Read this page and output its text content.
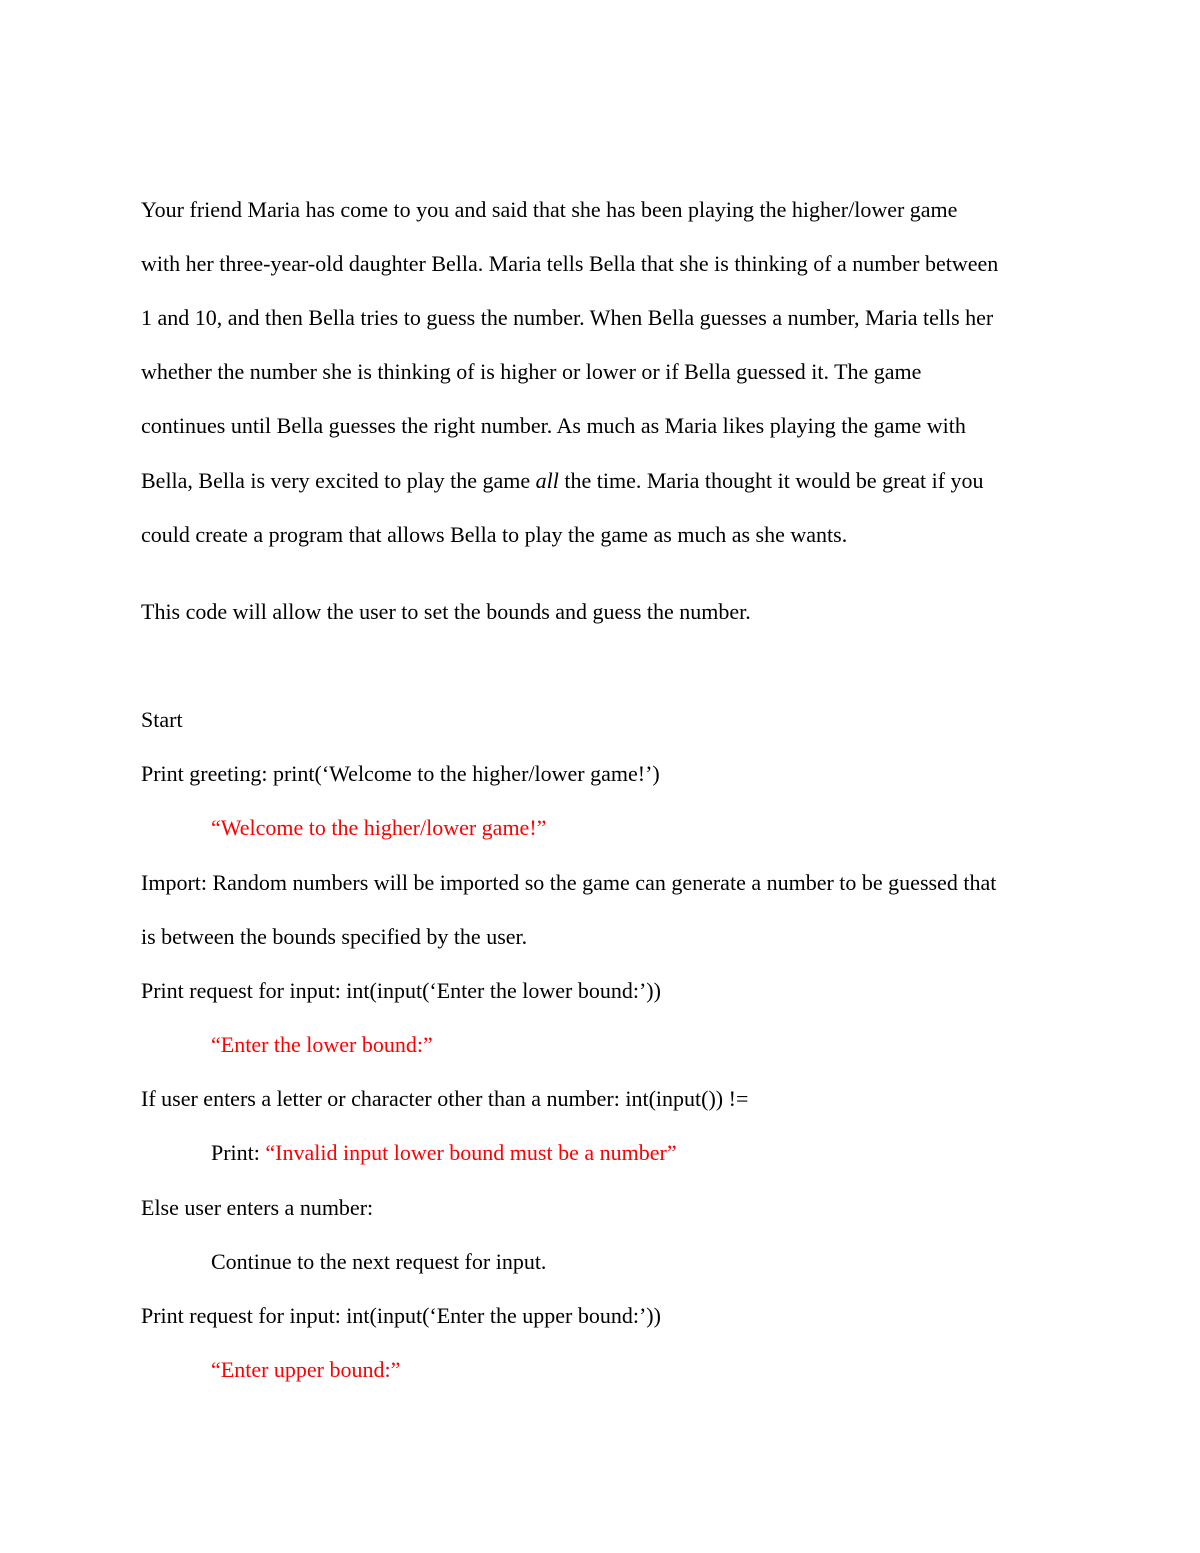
Your friend Maria has come to you and said that she has been playing the higher/lower game

with her three-year-old daughter Bella. Maria tells Bella that she is thinking of a number between

1 and 10, and then Bella tries to guess the number. When Bella guesses a number, Maria tells her

whether the number she is thinking of is higher or lower or if Bella guessed it. The game

continues until Bella guesses the right number. As much as Maria likes playing the game with

Bella, Bella is very excited to play the game all the time. Maria thought it would be great if you

could create a program that allows Bella to play the game as much as she wants.

This code will allow the user to set the bounds and guess the number.

Start

Print greeting: print(‘Welcome to the higher/lower game!’)

“Welcome to the higher/lower game!”

Import: Random numbers will be imported so the game can generate a number to be guessed that

is between the bounds specified by the user.

Print request for input: int(input(‘Enter the lower bound:’))

“Enter the lower bound:”

If user enters a letter or character other than a number: int(input()) !=

Print: “Invalid input lower bound must be a number”

Else user enters a number:

Continue to the next request for input.

Print request for input: int(input(‘Enter the upper bound:’))

“Enter upper bound:”
